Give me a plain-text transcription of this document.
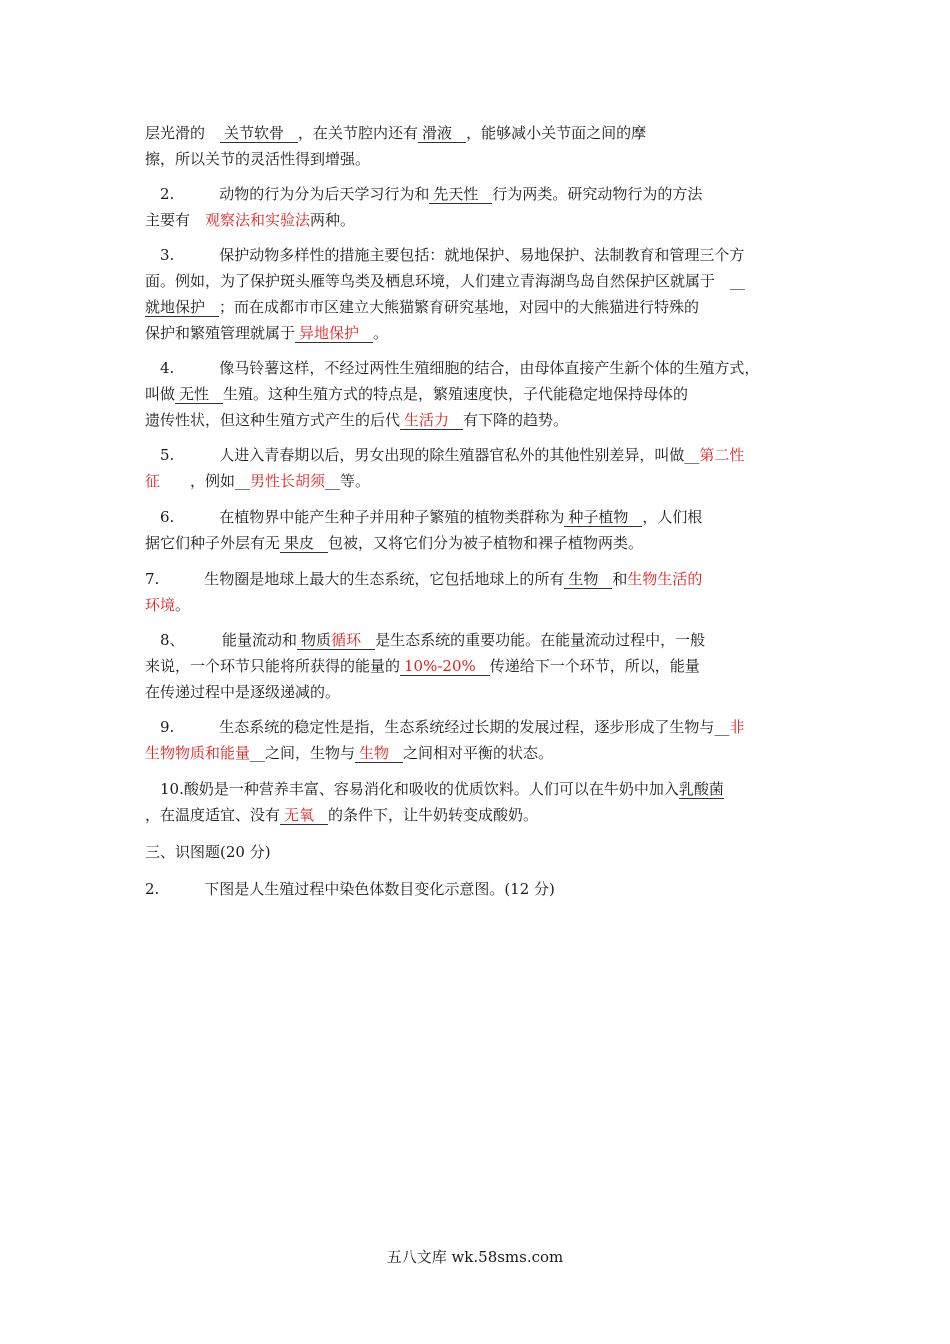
层光滑的　关节软骨 ，在关节腔内还有 滑液 ，能够减小关节面之间的摩
擦，所以关节的灵活性得到增强。

　2.　　　动物的行为分为后天学习行为和 先天性 行为两类。研究动物行为的方法
主要有　观察法和实验法两种。

　3.　　　保护动物多样性的措施主要包括：就地保护、易地保护、法制教育和管理三个方
面。例如，为了保护斑头雁等鸟类及栖息环境，人们建立青海湖鸟岛自然保护区就属于　__
就地保护 ；而在成都市市区建立大熊猫繁育研究基地，对园中的大熊猫进行特殊的
保护和繁殖管理就属于 异地保护 。

　4.　　　像马铃薯这样，不经过两性生殖细胞的结合，由母体直接产生新个体的生殖方式，
叫做 无性 生殖。这种生殖方式的特点是，繁殖速度快，子代能稳定地保持母体的
遗传性状，但这种生殖方式产生的后代 生活力 有下降的趋势。

　5.　　　人进入青春期以后，男女出现的除生殖器官私外的其他性别差异，叫做__第二性
征　　，例如__男性长胡须__等。

　6.　　　在植物界中能产生种子并用种子繁殖的植物类群称为 种子植物 ，人们根
据它们种子外层有无 果皮 包被，又将它们分为被子植物和裸子植物两类。

7.　　　生物圈是地球上最大的生态系统，它包括地球上的所有 生物 和生物生活的
环境。

　8、　　　能量流动和 物质循环 是生态系统的重要功能。在能量流动过程中，一般
来说，一个环节只能将所获得的能量的 10%-20% 传递给下一个环节，所以，能量
在传递过程中是逐级递减的。

　9.　　　生态系统的稳定性是指，生态系统经过长期的发展过程，逐步形成了生物与__非
生物物质和能量__之间，生物与 生物 之间相对平衡的状态。

　10.酸奶是一种营养丰富、容易消化和吸收的优质饮料。人们可以在牛奶中加入乳酸菌
，在温度适宜、没有 无氧 的条件下，让牛奶转变成酸奶。

三、识图题(20 分)

2.　　　下图是人生殖过程中染色体数目变化示意图。(12 分)

五八文库 wk.58sms.com
